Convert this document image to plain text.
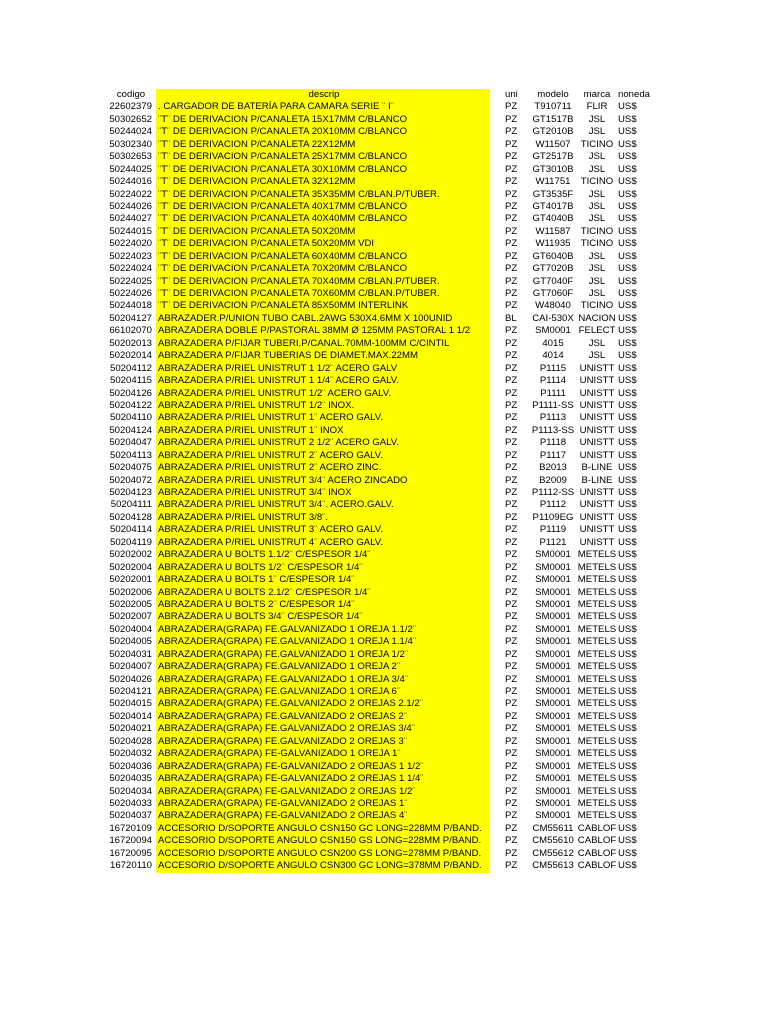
codigo	descrip	uni	modelo	marca noneda
22602379 . CARGADOR DE BATERÍA PARA CAMARA SERIE ¨ I¨	PZ	T910711	FLIR	US$
50302652 ¨T¨ DE DERIVACION P/CANALETA 15X17MM C/BLANCO	PZ	GT1517B	JSL	US$
50244024 ¨T¨ DE DERIVACION P/CANALETA 20X10MM C/BLANCO	PZ	GT2010B	JSL	US$
50302340 ¨T¨ DE DERIVACION P/CANALETA 22X12MM	PZ	W11507	TICINO US$
50302653 ¨T¨ DE DERIVACION P/CANALETA 25X17MM C/BLANCO	PZ	GT2517B	JSL	US$
50244025 ¨T¨ DE DERIVACION P/CANALETA 30X10MM C/BLANCO	PZ	GT3010B	JSL	US$
50244016 ¨T¨ DE DERIVACION P/CANALETA 32X12MM	PZ	W11751	TICINO US$
50224022 ¨T¨ DE DERIVACION P/CANALETA 35X35MM C/BLAN.P/TUBER.	PZ	GT3535F	JSL	US$
50244026 ¨T¨ DE DERIVACION P/CANALETA 40X17MM C/BLANCO	PZ	GT4017B	JSL	US$
50244027 ¨T¨ DE DERIVACION P/CANALETA 40X40MM C/BLANCO	PZ	GT4040B	JSL	US$
50244015 ¨T¨ DE DERIVACION P/CANALETA 50X20MM	PZ	W11587	TICINO US$
50224020 ¨T¨ DE DERIVACION P/CANALETA 50X20MM VDI	PZ	W11935	TICINO US$
50224023 ¨T¨ DE DERIVACION P/CANALETA 60X40MM C/BLANCO	PZ	GT6040B	JSL	US$
50224024 ¨T¨ DE DERIVACION P/CANALETA 70X20MM C/BLANCO	PZ	GT7020B	JSL	US$
50224025 ¨T¨ DE DERIVACION P/CANALETA 70X40MM C/BLAN.P/TUBER.	PZ	GT7040F	JSL	US$
50224026 ¨T¨ DE DERIVACION P/CANALETA 70X60MM C/BLAN.P/TUBER.	PZ	GT7060F	JSL	US$
50244018 ¨T¨ DE DERIVACION P/CANALETA 85X50MM INTERLINK	PZ	W48040	TICINO US$
50204127 ABRAZADER.P/UNION TUBO CABL.2AWG 530X4.6MM X 100UNID	BL	CAI-530X NACION US$
66102070 ABRAZADERA DOBLE P/PASTORAL 38MM Ø 125MM PASTORAL 1 1/2	PZ	SM0001 FELECT US$
50202013 ABRAZADERA P/FIJAR TUBERI.P/CANAL.70MM-100MM C/CINTIL	PZ	4015	JSL	US$
50202014 ABRAZADERA P/FIJAR TUBERIAS DE DIAMET.MAX.22MM	PZ	4014	JSL	US$
50204112 ABRAZADERA P/RIEL UNISTRUT 1 1/2¨ ACERO GALV	PZ	P1115	UNISTT US$
50204115 ABRAZADERA P/RIEL UNISTRUT 1 1/4¨ ACERO GALV.	PZ	P1114	UNISTT US$
50204126 ABRAZADERA P/RIEL UNISTRUT 1/2¨ ACERO GALV.	PZ	P1111	UNISTT US$
50204122 ABRAZADERA P/RIEL UNISTRUT 1/2¨ INOX.	PZ	P1111-SS UNISTT US$
50204110 ABRAZADERA P/RIEL UNISTRUT 1¨ ACERO GALV.	PZ	P1113	UNISTT US$
50204124 ABRAZADERA P/RIEL UNISTRUT 1¨ INOX	PZ	P1113-SS UNISTT US$
50204047 ABRAZADERA P/RIEL UNISTRUT 2 1/2¨ ACERO GALV.	PZ	P1118	UNISTT US$
50204113 ABRAZADERA P/RIEL UNISTRUT 2¨ ACERO GALV.	PZ	P1117	UNISTT US$
50204075 ABRAZADERA P/RIEL UNISTRUT 2¨ ACERO ZINC.	PZ	B2013	B-LINE US$
50204072 ABRAZADERA P/RIEL UNISTRUT 3/4¨ ACERO ZINCADO	PZ	B2009	B-LINE US$
50204123 ABRAZADERA P/RIEL UNISTRUT 3/4¨ INOX	PZ	P1112-SS UNISTT US$
50204111 ABRAZADERA P/RIEL UNISTRUT 3/4¨. ACERO.GALV.	PZ	P1112	UNISTT US$
50204128 ABRAZADERA P/RIEL UNISTRUT 3/8¨.	PZ	P1109EG UNISTT US$
50204114 ABRAZADERA P/RIEL UNISTRUT 3¨ ACERO GALV.	PZ	P1119	UNISTT US$
50204119 ABRAZADERA P/RIEL UNISTRUT 4¨ ACERO GALV.	PZ	P1121	UNISTT US$
50202002 ABRAZADERA U BOLTS 1.1/2¨ C/ESPESOR 1/4¨	PZ	SM0001 METELS US$
50202004 ABRAZADERA U BOLTS 1/2¨ C/ESPESOR 1/4¨	PZ	SM0001 METELS US$
50202001 ABRAZADERA U BOLTS 1¨ C/ESPESOR 1/4¨	PZ	SM0001 METELS US$
50202006 ABRAZADERA U BOLTS 2.1/2¨ C/ESPESOR 1/4¨	PZ	SM0001 METELS US$
50202005 ABRAZADERA U BOLTS 2¨ C/ESPESOR 1/4¨	PZ	SM0001 METELS US$
50202007 ABRAZADERA U BOLTS 3/4¨ C/ESPESOR 1/4¨	PZ	SM0001 METELS US$
50204004 ABRAZADERA(GRAPA) FE.GALVANIZADO 1 OREJA 1.1/2¨	PZ	SM0001 METELS US$
50204005 ABRAZADERA(GRAPA) FE.GALVANIZADO 1 OREJA 1.1/4¨	PZ	SM0001 METELS US$
50204031 ABRAZADERA(GRAPA) FE.GALVANIZADO 1 OREJA 1/2¨	PZ	SM0001 METELS US$
50204007 ABRAZADERA(GRAPA) FE.GALVANIZADO 1 OREJA 2¨	PZ	SM0001 METELS US$
50204026 ABRAZADERA(GRAPA) FE.GALVANIZADO 1 OREJA 3/4¨	PZ	SM0001 METELS US$
50204121 ABRAZADERA(GRAPA) FE.GALVANIZADO 1 OREJA 6¨	PZ	SM0001 METELS US$
50204015 ABRAZADERA(GRAPA) FE.GALVANIZADO 2 OREJAS 2.1/2¨	PZ	SM0001 METELS US$
50204014 ABRAZADERA(GRAPA) FE.GALVANIZADO 2 OREJAS 2¨	PZ	SM0001 METELS US$
50204021 ABRAZADERA(GRAPA) FE.GALVANIZADO 2 OREJAS 3/4¨	PZ	SM0001 METELS US$
50204028 ABRAZADERA(GRAPA) FE.GALVANIZADO 2 OREJAS 3¨	PZ	SM0001 METELS US$
50204032 ABRAZADERA(GRAPA) FE-GALVANIZADO 1 OREJA 1¨	PZ	SM0001 METELS US$
50204036 ABRAZADERA(GRAPA) FE-GALVANIZADO 2 OREJAS 1 1/2¨	PZ	SM0001 METELS US$
50204035 ABRAZADERA(GRAPA) FE-GALVANIZADO 2 OREJAS 1 1/4¨	PZ	SM0001 METELS US$
50204034 ABRAZADERA(GRAPA) FE-GALVANIZADO 2 OREJAS 1/2¨	PZ	SM0001 METELS US$
50204033 ABRAZADERA(GRAPA) FE-GALVANIZADO 2 OREJAS 1¨	PZ	SM0001 METELS US$
50204037 ABRAZADERA(GRAPA) FE-GALVANIZADO 2 OREJAS 4¨	PZ	SM0001 METELS US$
16720109 ACCESORIO D/SOPORTE ANGULO CSN150 GC LONG=228MM P/BAND.	PZ	CM55611 CABLOF US$
16720094 ACCESORIO D/SOPORTE ANGULO CSN150 GS LONG=228MM P/BAND.	PZ	CM55610 CABLOF US$
16720095 ACCESORIO D/SOPORTE ANGULO CSN200 GS LONG=278MM P/BAND.	PZ	CM55612 CABLOF US$
16720110 ACCESORIO D/SOPORTE ANGULO CSN300 GC LONG=378MM P/BAND.	PZ	CM55613 CABLOF US$
